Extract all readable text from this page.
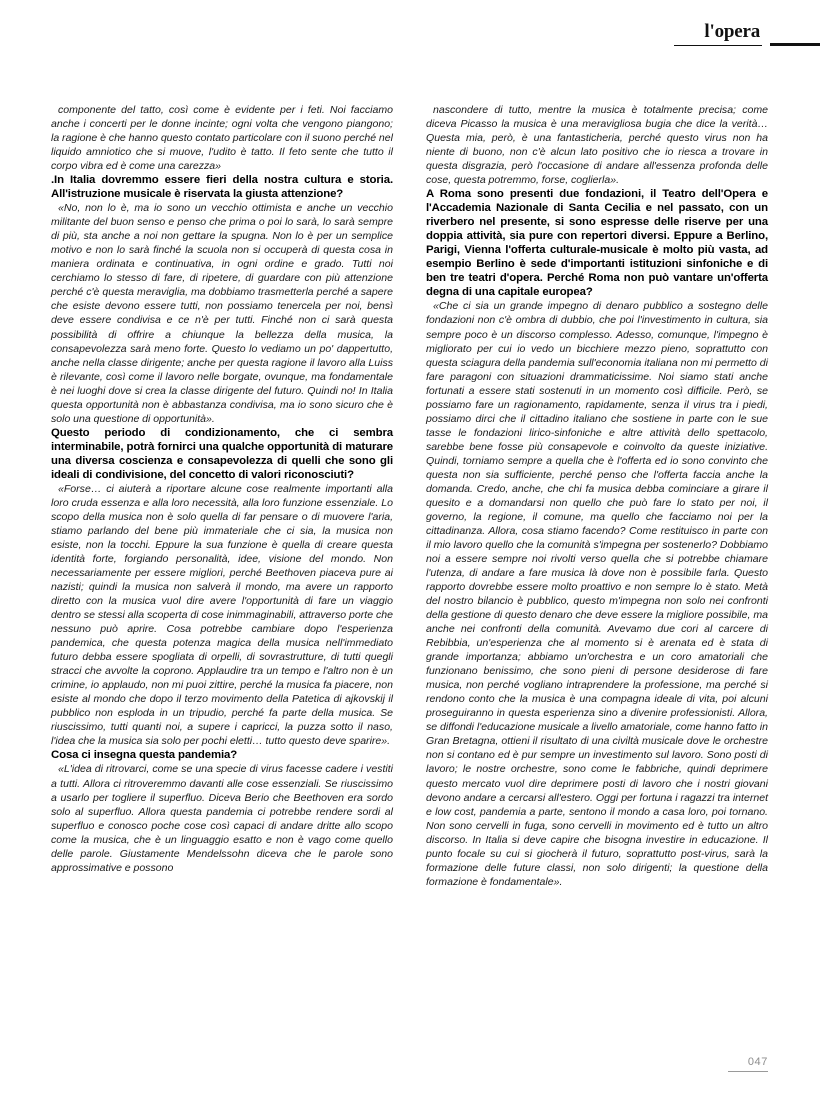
l'opera

componente del tatto, così come è evidente per i feti. Noi facciamo anche i concerti per le donne incinte; ogni volta che vengono piangono; la ragione è che hanno questo contato particolare con il suono perché nel liquido amniotico che si muove, l'udito è tatto. Il feto sente che tutto il corpo vibra ed è come una carezza»

.In Italia dovremmo essere fieri della nostra cultura e storia. All'istruzione musicale è riservata la giusta attenzione?

«No, non lo è, ma io sono un vecchio ottimista e anche un vecchio militante del buon senso e penso che prima o poi lo sarà, lo sarà sempre di più, sta anche a noi non gettare la spugna. Non lo è per un semplice motivo e non lo sarà finché la scuola non si occuperà di questa cosa in maniera ordinata e continuativa, in ogni ordine e grado. Tutti noi cerchiamo lo stesso di fare, di ripetere, di guardare con più attenzione perché c'è questa meraviglia, ma dobbiamo trasmetterla perché a sapere che esiste devono essere tutti, non possiamo tenercela per noi, bensì deve essere condivisa e ce n'è per tutti. Finché non ci sarà questa possibilità di offrire a chiunque la bellezza della musica, la consapevolezza sarà meno forte. Questo lo vediamo un po' dappertutto, anche nella classe dirigente; anche per questa ragione il lavoro alla Luiss è rilevante, così come il lavoro nelle borgate, ovunque, ma fondamentale è nei luoghi dove si crea la classe dirigente del futuro. Quindi no! In Italia questa opportunità non è abbastanza condivisa, ma io sono sicuro che è solo una questione di opportunità».

Questo periodo di condizionamento, che ci sembra interminabile, potrà fornirci una qualche opportunità di maturare una diversa coscienza e consapevolezza di quelli che sono gli ideali di condivisione, del concetto di valori riconosciuti?

«Forse… ci aiuterà a riportare alcune cose realmente importanti alla loro cruda essenza e alla loro necessità, alla loro funzione essenziale. Lo scopo della musica non è solo quella di far pensare o di muovere l'aria, stiamo parlando del bene più immateriale che ci sia, la musica non esiste, non la tocchi. Eppure la sua funzione è quella di creare questa identità forte, forgiando personalità, idee, visione del mondo. Non necessariamente per essere migliori, perché Beethoven piaceva pure ai nazisti; quindi la musica non salverà il mondo, ma avere un rapporto diretto con la musica vuol dire avere l'opportunità di fare un viaggio dentro se stessi alla scoperta di cose inimmaginabili, attraverso porte che nessuno può aprire. Cosa potrebbe cambiare dopo l'esperienza pandemica, che questa potenza magica della musica nell'immediato futuro debba essere spogliata di orpelli, di sovrastrutture, di tutti quegli stracci che avvolte la coprono. Applaudire tra un tempo e l'altro non è un crimine, io applaudo, non mi puoi zittire, perché la musica fa piacere, non esiste al mondo che dopo il terzo movimento della Patetica di ajkovskij il pubblico non esploda in un tripudio, perché fa parte della musica. Se riuscissimo, tutti quanti noi, a supere i capricci, la puzza sotto il naso, l'idea che la musica sia solo per pochi eletti… tutto questo deve sparire».

Cosa ci insegna questa pandemia?

«L'idea di ritrovarci, come se una specie di virus facesse cadere i vestiti a tutti. Allora ci ritroveremmo davanti alle cose essenziali. Se riuscissimo a usarlo per togliere il superfluo. Diceva Berio che Beethoven era sordo solo al superfluo. Allora questa pandemia ci potrebbe rendere sordi al superfluo e conosco poche cose così capaci di andare dritte allo scopo come la musica, che è un linguaggio esatto e non è vago come quello delle parole. Giustamente Mendelssohn diceva che le parole sono approssimative e possono

nascondere di tutto, mentre la musica è totalmente precisa; come diceva Picasso la musica è una meravigliosa bugia che dice la verità… Questa mia, però, è una fantasticheria, perché questo virus non ha niente di buono, non c'è alcun lato positivo che io riesca a trovare in questa disgrazia, però l'occasione di andare all'essenza profonda delle cose, questa potremmo, forse, coglierla».

A Roma sono presenti due fondazioni, il Teatro dell'Opera e l'Accademia Nazionale di Santa Cecilia e nel passato, con un riverbero nel presente, si sono espresse delle riserve per una doppia attività, sia pure con repertori diversi. Eppure a Berlino, Parigi, Vienna l'offerta culturale-musicale è molto più vasta, ad esempio Berlino è sede d'importanti istituzioni sinfoniche e di ben tre teatri d'opera. Perché Roma non può vantare un'offerta degna di una capitale europea?

«Che ci sia un grande impegno di denaro pubblico a sostegno delle fondazioni non c'è ombra di dubbio, che poi l'investimento in cultura, sia sempre poco è un discorso complesso. Adesso, comunque, l'impegno è migliorato per cui io vedo un bicchiere mezzo pieno, soprattutto con questa sciagura della pandemia sull'economia italiana non mi permetto di fare paragoni con situazioni drammaticissime. Noi siamo stati anche fortunati a essere stati sostenuti in un momento così difficile. Però, se possiamo fare un ragionamento, rapidamente, senza il virus tra i piedi, possiamo dirci che il cittadino italiano che sostiene in parte con le sue tasse le fondazioni lirico-sinfoniche e altre attività dello spettacolo, sarebbe bene fosse più consapevole e coinvolto da queste iniziative. Quindi, torniamo sempre a quella che è l'offerta ed io sono convinto che questa non sia sufficiente, perché penso che l'offerta faccia anche la domanda. Credo, anche, che chi fa musica debba cominciare a girare il quesito e a domandarsi non quello che può fare lo stato per noi, il governo, la regione, il comune, ma quello che facciamo noi per la cittadinanza. Allora, cosa stiamo facendo? Come restituisco in parte con il mio lavoro quello che la comunità s'impegna per sostenerlo? Dobbiamo noi a essere sempre noi rivolti verso quella che si potrebbe chiamare l'utenza, di andare a fare musica là dove non è possibile farla. Questo rapporto dovrebbe essere molto proattivo e non sempre lo è stato. Metà del nostro bilancio è pubblico, questo m'impegna non solo nei confronti della gestione di questo denaro che deve essere la migliore possibile, ma anche nei confronti della comunità. Avevamo due cori al carcere di Rebibbia, un'esperienza che al momento si è arenata ed è stata di grande importanza; abbiamo un'orchestra e un coro amatoriali che funzionano benissimo, che sono pieni di persone desiderose di fare musica, non perché vogliano intraprendere la professione, ma perché si rendono conto che la musica è una compagna ideale di vita, poi alcuni proseguiranno in questa esperienza sino a divenire professionisti. Allora, se diffondi l'educazione musicale a livello amatoriale, come hanno fatto in Gran Bretagna, ottieni il risultato di una civiltà musicale dove le orchestre non si contano ed è pur sempre un investimento sul lavoro. Sono posti di lavoro; le nostre orchestre, sono come le fabbriche, quindi deprimere questo mercato vuol dire deprimere posti di lavoro che i nostri giovani devono andare a cercarsi all'estero. Oggi per fortuna i ragazzi tra internet e low cost, pandemia a parte, sentono il mondo a casa loro, poi tornano. Non sono cervelli in fuga, sono cervelli in movimento ed è tutto un altro discorso. In Italia si deve capire che bisogna investire in educazione. Il punto focale su cui si giocherà il futuro, soprattutto post-virus, sarà la formazione delle future classi, non solo dirigenti; la questione della formazione è fondamentale».

047
